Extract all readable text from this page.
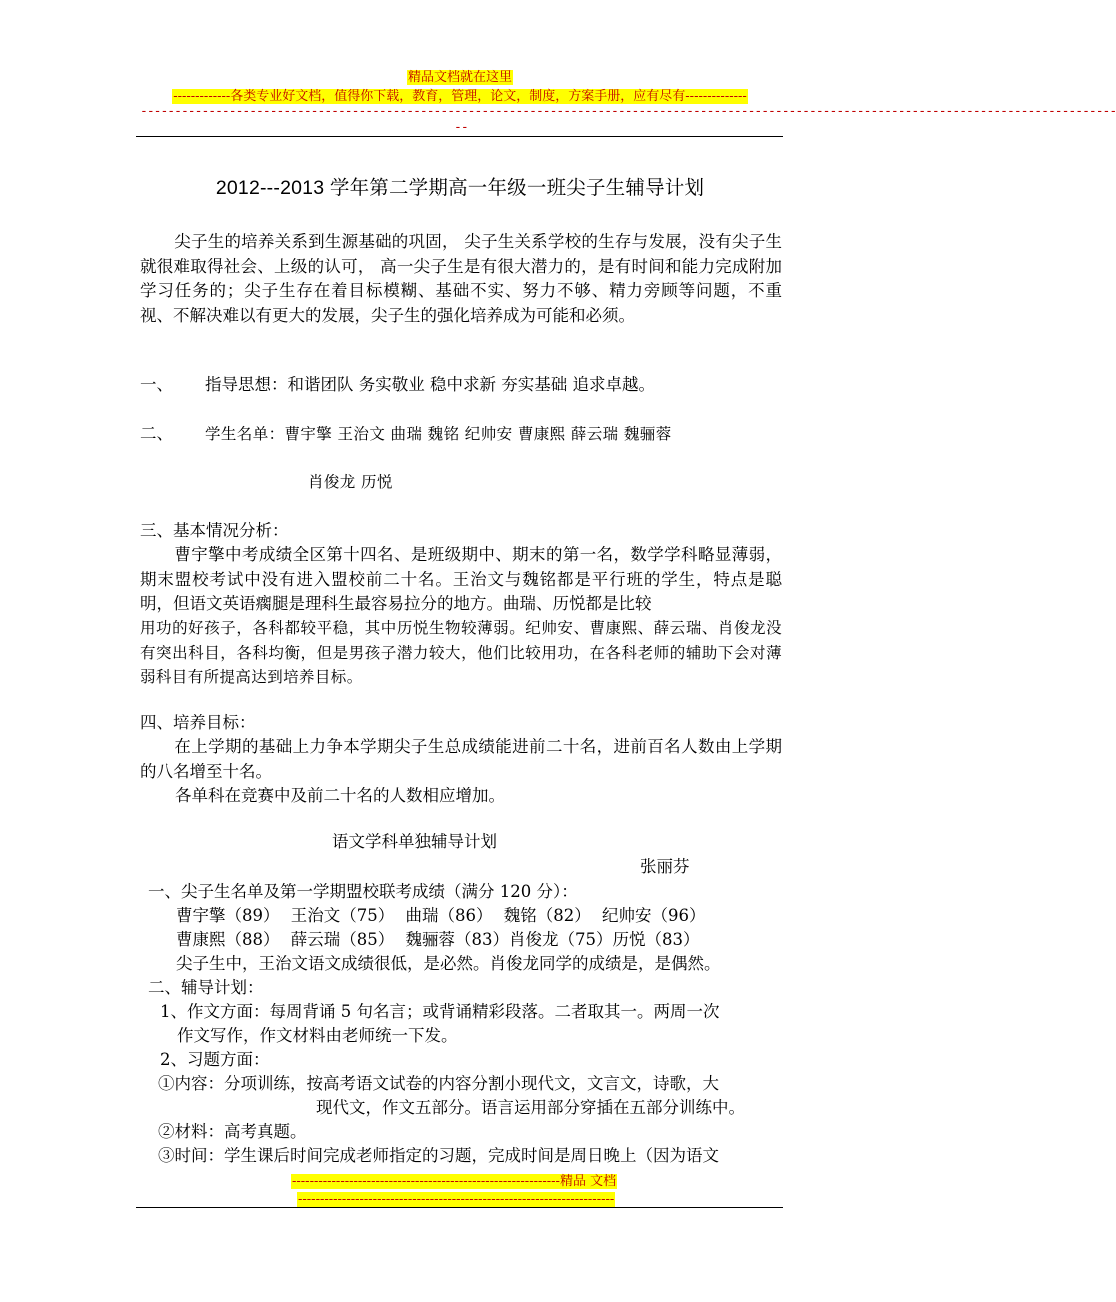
精品文档就在这里
-------------各类专业好文档，值得你下载，教育，管理，论文，制度，方案手册，应有尽有--------------
-----------------------------------------------------------------------------------------------------------------------------------------------
--
2012---2013 学年第二学期高一年级一班尖子生辅导计划
尖子生的培养关系到生源基础的巩固， 尖子生关系学校的生存与发展，没有尖子生就很难取得社会、上级的认可， 高一尖子生是有很大潜力的，是有时间和能力完成附加学习任务的；尖子生存在着目标模糊、基础不实、努力不够、精力旁顾等问题，不重视、不解决难以有更大的发展，尖子生的强化培养成为可能和必须。
一、 指导思想：和谐团队 务实敬业 稳中求新 夯实基础 追求卓越。
二、 学生名单：曹宇擎 王治文 曲瑞 魏铭 纪帅安 曹康熙 薛云瑞 魏骊蓉
肖俊龙 历悦
三、基本情况分析：
曹宇擎中考成绩全区第十四名、是班级期中、期末的第一名，数学学科略显薄弱，期末盟校考试中没有进入盟校前二十名。王治文与魏铭都是平行班的学生，特点是聪明，但语文英语瘸腿是理科生最容易拉分的地方。曲瑞、历悦都是比较
用功的好孩子，各科都较平稳，其中历悦生物较薄弱。纪帅安、曹康熙、薛云瑞、肖俊龙没有突出科目，各科均衡，但是男孩子潜力较大，他们比较用功，在各科老师的辅助下会对薄弱科目有所提高达到培养目标。
四、培养目标：
在上学期的基础上力争本学期尖子生总成绩能进前二十名，进前百名人数由上学期的八名增至十名。
各单科在竞赛中及前二十名的人数相应增加。
语文学科单独辅导计划
张丽芬
一、尖子生名单及第一学期盟校联考成绩（满分 120 分）：
曹宇擎（89） 王治文（75） 曲瑞（86） 魏铭（82） 纪帅安（96）
曹康熙（88） 薛云瑞（85） 魏骊蓉（83）肖俊龙（75）历悦（83）
尖子生中，王治文语文成绩很低，是必然。肖俊龙同学的成绩是，是偶然。
二、辅导计划：
1、作文方面：每周背诵 5 句名言；或背诵精彩段落。二者取其一。两周一次
作文写作，作文材料由老师统一下发。
2、习题方面：
①内容：分项训练，按高考语文试卷的内容分割小现代文，文言文，诗歌，大
现代文，作文五部分。语言运用部分穿插在五部分训练中。
②材料：高考真题。
③时间：学生课后时间完成老师指定的习题，完成时间是周日晚上（因为语文
-------------------------------------------------------------精品 文档
------------------------------------------------------------------------
